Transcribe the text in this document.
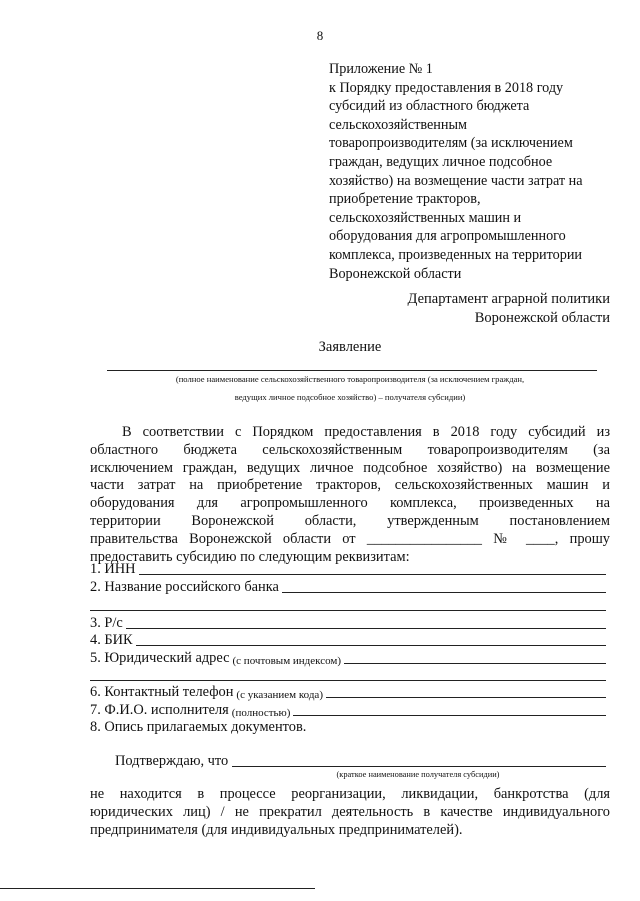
8
Приложение № 1
к Порядку предоставления в 2018 году
субсидий из областного бюджета
сельскохозяйственным
товаропроизводителям (за исключением
граждан, ведущих личное подсобное
хозяйство) на возмещение части затрат на
приобретение тракторов,
сельскохозяйственных машин и
оборудования для агропромышленного
комплекса, произведенных на территории
Воронежской области
Департамент аграрной политики
Воронежской области
Заявление
(полное наименование сельскохозяйственного товаропроизводителя (за исключением граждан,
ведущих личное подсобное хозяйство) – получателя субсидии)
В соответствии с Порядком предоставления в 2018 году субсидий из
областного бюджета сельскохозяйственным товаропроизводителям (за
исключением граждан, ведущих личное подсобное хозяйство) на возмещение
части затрат на приобретение тракторов, сельскохозяйственных машин и
оборудования для агропромышленного комплекса, произведенных на
территории Воронежской области, утвержденным постановлением
правительства Воронежской области от ________________ № ____, прошу
предоставить субсидию по следующим реквизитам:
1. ИНН
2. Название российского банка
3. Р/с
4. БИК
5. Юридический адрес (с почтовым индексом)
6. Контактный телефон (с указанием кода)
7. Ф.И.О. исполнителя (полностью)
8. Опись прилагаемых документов.
Подтверждаю, что
(краткое наименование получателя субсидии)
не находится в процессе реорганизации, ликвидации, банкротства (для
юридических лиц) / не прекратил деятельность в качестве индивидуального
предпринимателя (для индивидуальных предпринимателей).
